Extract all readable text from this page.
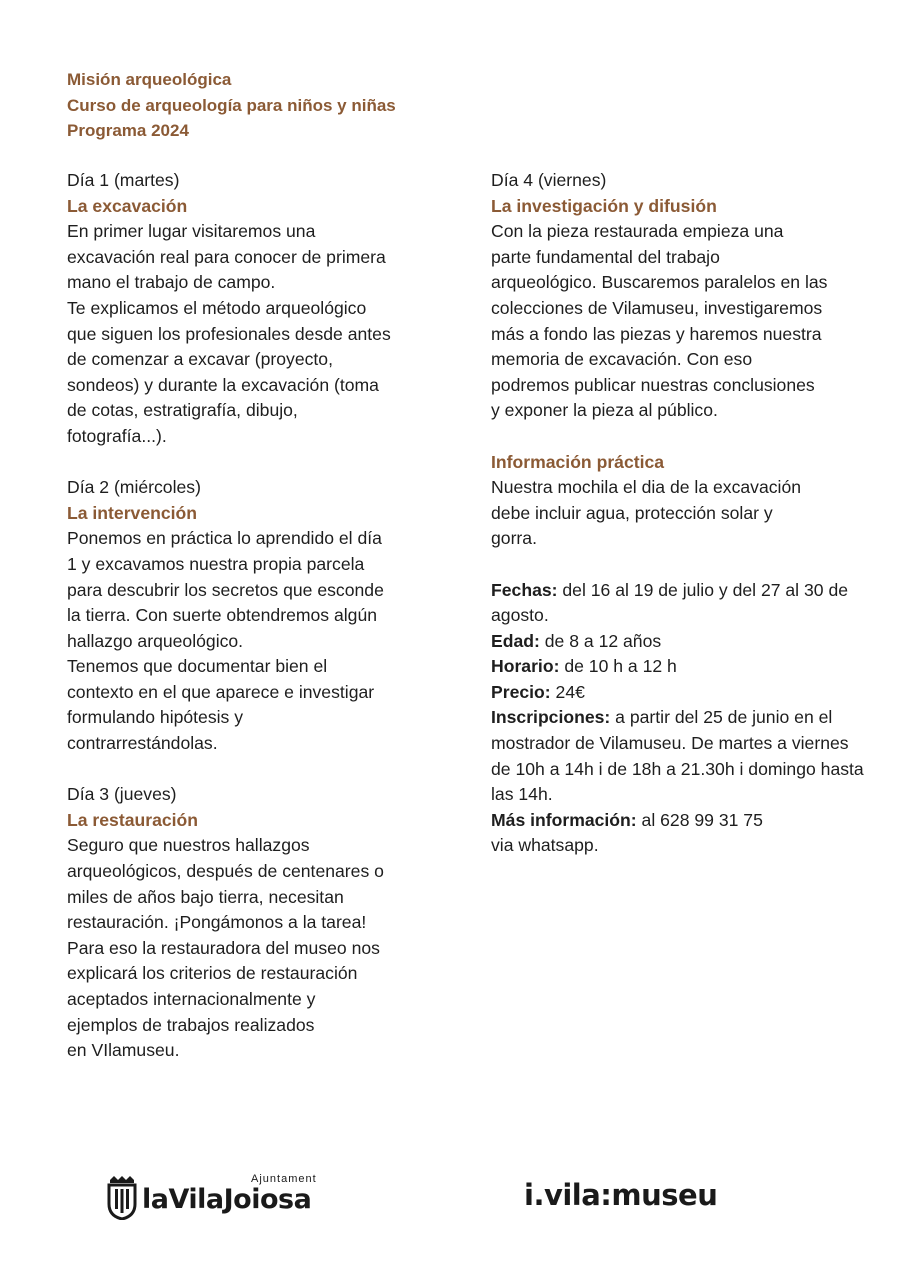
Misión arqueológica
Curso de arqueología para niños y niñas
Programa 2024

Día 1 (martes)

La excavación

En primer lugar visitaremos una

excavación real para conocer de primera

mano el trabajo de campo.

Te explicamos el método arqueológico

que siguen los profesionales desde antes

de comenzar a excavar (proyecto,

sondeos) y durante la excavación (toma

de cotas, estratigrafía, dibujo,

fotografía...).

Día 2 (miércoles)

La intervención

Ponemos en práctica lo aprendido el día

1 y excavamos nuestra propia parcela

para descubrir los secretos que esconde

la tierra. Con suerte obtendremos algún

hallazgo arqueológico.

Tenemos que documentar bien el

contexto en el que aparece e investigar

formulando hipótesis y

contrarrestándolas.

Día 3 (jueves)

La restauración

Seguro que nuestros hallazgos

arqueológicos, después de centenares o

miles de años bajo tierra, necesitan

restauración. ¡Pongámonos a la tarea!

Para eso la restauradora del museo nos

explicará los criterios de restauración

aceptados internacionalmente y

ejemplos de trabajos realizados

en VIlamuseu.

Día 4 (viernes)

La investigación y difusión

Con la pieza restaurada empieza una

parte fundamental del trabajo

arqueológico. Buscaremos paralelos en las

colecciones de Vilamuseu, investigaremos

más a fondo las piezas y haremos nuestra

memoria de excavación. Con eso

podremos publicar nuestras conclusiones

y exponer la pieza al público.

Información práctica

Nuestra mochila el dia de la excavación

debe incluir agua, protección solar y

gorra.

Fechas: del 16 al 19 de julio y del 27 al 30 de agosto.

Edad: de 8 a 12 años

Horario: de 10 h a 12 h

Precio: 24€

Inscripciones: a partir del 25 de junio en el mostrador de Vilamuseu. De martes a viernes de 10h a 14h i de 18h a 21.30h i domingo hasta las 14h.

Más información: al 628 99 31 75

via whatsapp.

Ajuntament
laVilaJoiosa	i.vila:museu
